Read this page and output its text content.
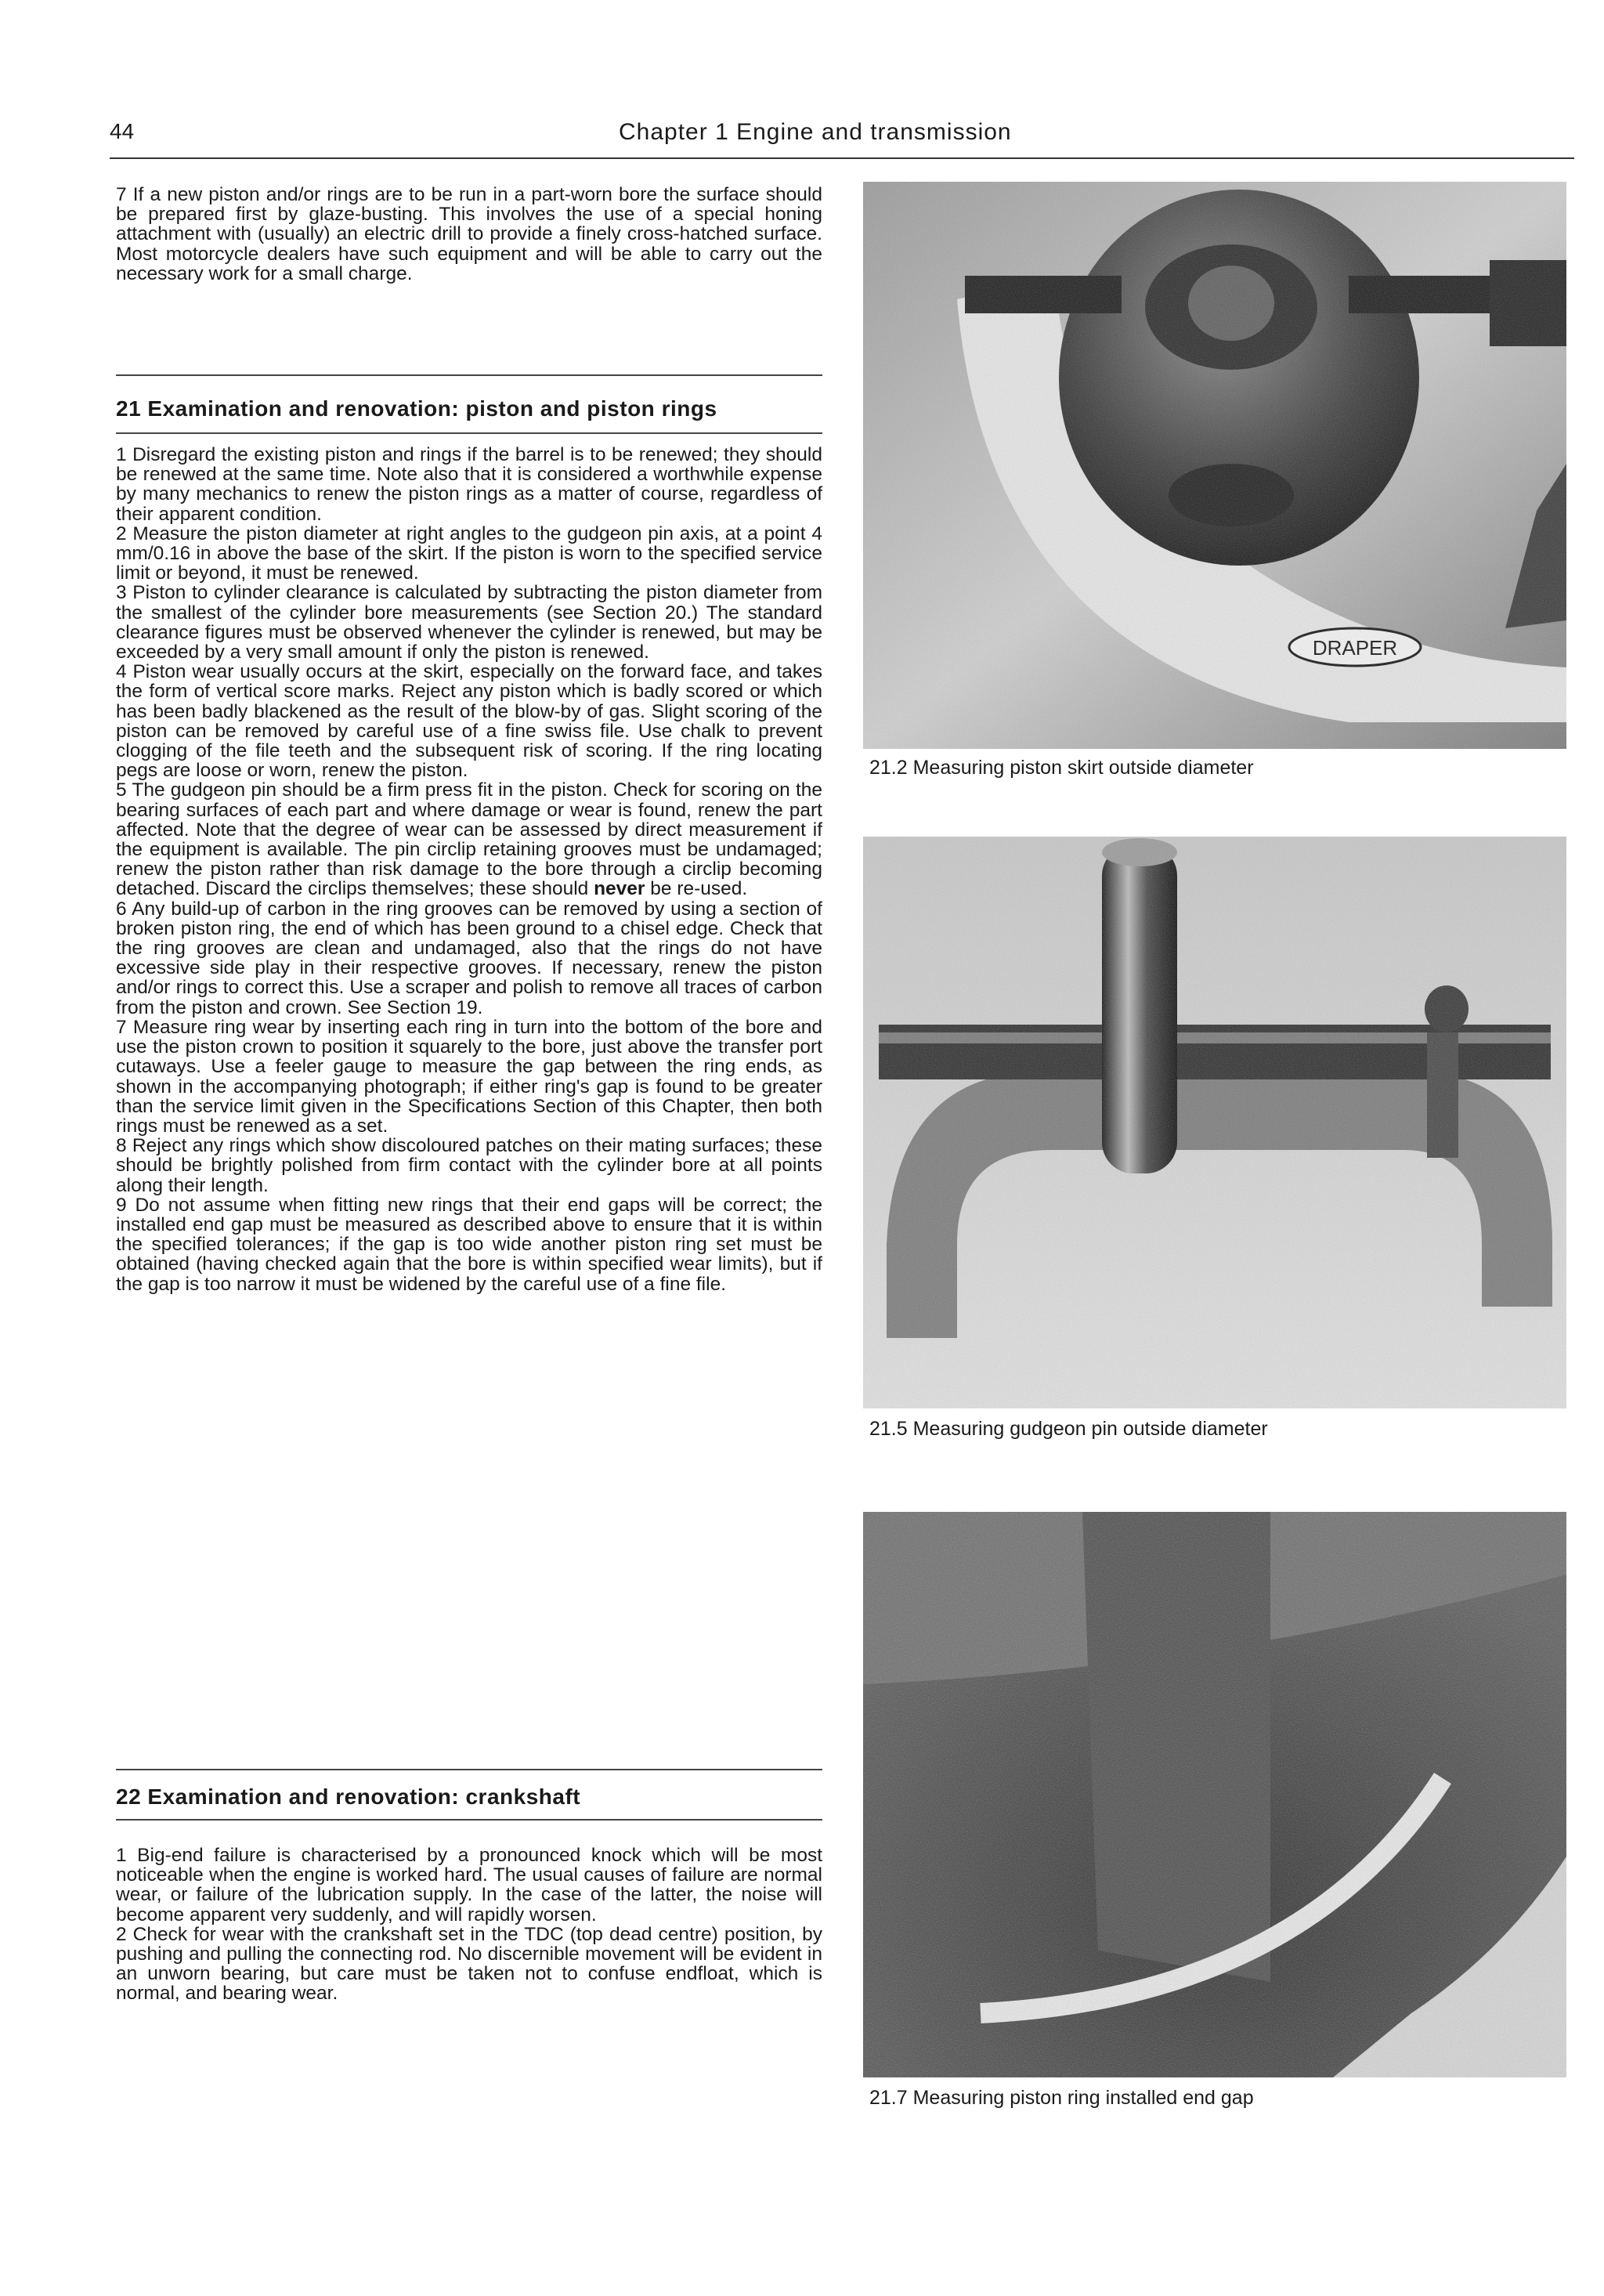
44	Chapter 1 Engine and transmission

7 If a new piston and/or rings are to be run in a part-worn bore the surface should be prepared first by glaze-busting. This involves the use of a special honing attachment with (usually) an electric drill to provide a finely cross-hatched surface. Most motorcycle dealers have such equipment and will be able to carry out the necessary work for a small charge.

21 Examination and renovation: piston and piston rings

1 Disregard the existing piston and rings if the barrel is to be renewed; they should be renewed at the same time. Note also that it is considered a worthwhile expense by many mechanics to renew the piston rings as a matter of course, regardless of their apparent condition.

2 Measure the piston diameter at right angles to the gudgeon pin axis, at a point 4 mm/0.16 in above the base of the skirt. If the piston is worn to the specified service limit or beyond, it must be renewed.

3 Piston to cylinder clearance is calculated by subtracting the piston diameter from the smallest of the cylinder bore measurements (see Section 20.) The standard clearance figures must be observed whenever the cylinder is renewed, but may be exceeded by a very small amount if only the piston is renewed.

4 Piston wear usually occurs at the skirt, especially on the forward face, and takes the form of vertical score marks. Reject any piston which is badly scored or which has been badly blackened as the result of the blow-by of gas. Slight scoring of the piston can be removed by careful use of a fine swiss file. Use chalk to prevent clogging of the file teeth and the subsequent risk of scoring. If the ring locating pegs are loose or worn, renew the piston.

5 The gudgeon pin should be a firm press fit in the piston. Check for scoring on the bearing surfaces of each part and where damage or wear is found, renew the part affected. Note that the degree of wear can be assessed by direct measurement if the equipment is available. The pin circlip retaining grooves must be undamaged; renew the piston rather than risk damage to the bore through a circlip becoming detached. Discard the circlips themselves; these should never be re-used.

6 Any build-up of carbon in the ring grooves can be removed by using a section of broken piston ring, the end of which has been ground to a chisel edge. Check that the ring grooves are clean and undamaged, also that the rings do not have excessive side play in their respective grooves. If necessary, renew the piston and/or rings to correct this. Use a scraper and polish to remove all traces of carbon from the piston and crown. See Section 19.

7 Measure ring wear by inserting each ring in turn into the bottom of the bore and use the piston crown to position it squarely to the bore, just above the transfer port cutaways. Use a feeler gauge to measure the gap between the ring ends, as shown in the accompanying photograph; if either ring's gap is found to be greater than the service limit given in the Specifications Section of this Chapter, then both rings must be renewed as a set.

8 Reject any rings which show discoloured patches on their mating surfaces; these should be brightly polished from firm contact with the cylinder bore at all points along their length.

9 Do not assume when fitting new rings that their end gaps will be correct; the installed end gap must be measured as described above to ensure that it is within the specified tolerances; if the gap is too wide another piston ring set must be obtained (having checked again that the bore is within specified wear limits), but if the gap is too narrow it must be widened by the careful use of a fine file.

22 Examination and renovation: crankshaft

1 Big-end failure is characterised by a pronounced knock which will be most noticeable when the engine is worked hard. The usual causes of failure are normal wear, or failure of the lubrication supply. In the case of the latter, the noise will become apparent very suddenly, and will rapidly worsen.

2 Check for wear with the crankshaft set in the TDC (top dead centre) position, by pushing and pulling the connecting rod. No discernible movement will be evident in an unworn bearing, but care must be taken not to confuse endfloat, which is normal, and bearing wear.

21.2 Measuring piston skirt outside diameter
21.5 Measuring gudgeon pin outside diameter
21.7 Measuring piston ring installed end gap
